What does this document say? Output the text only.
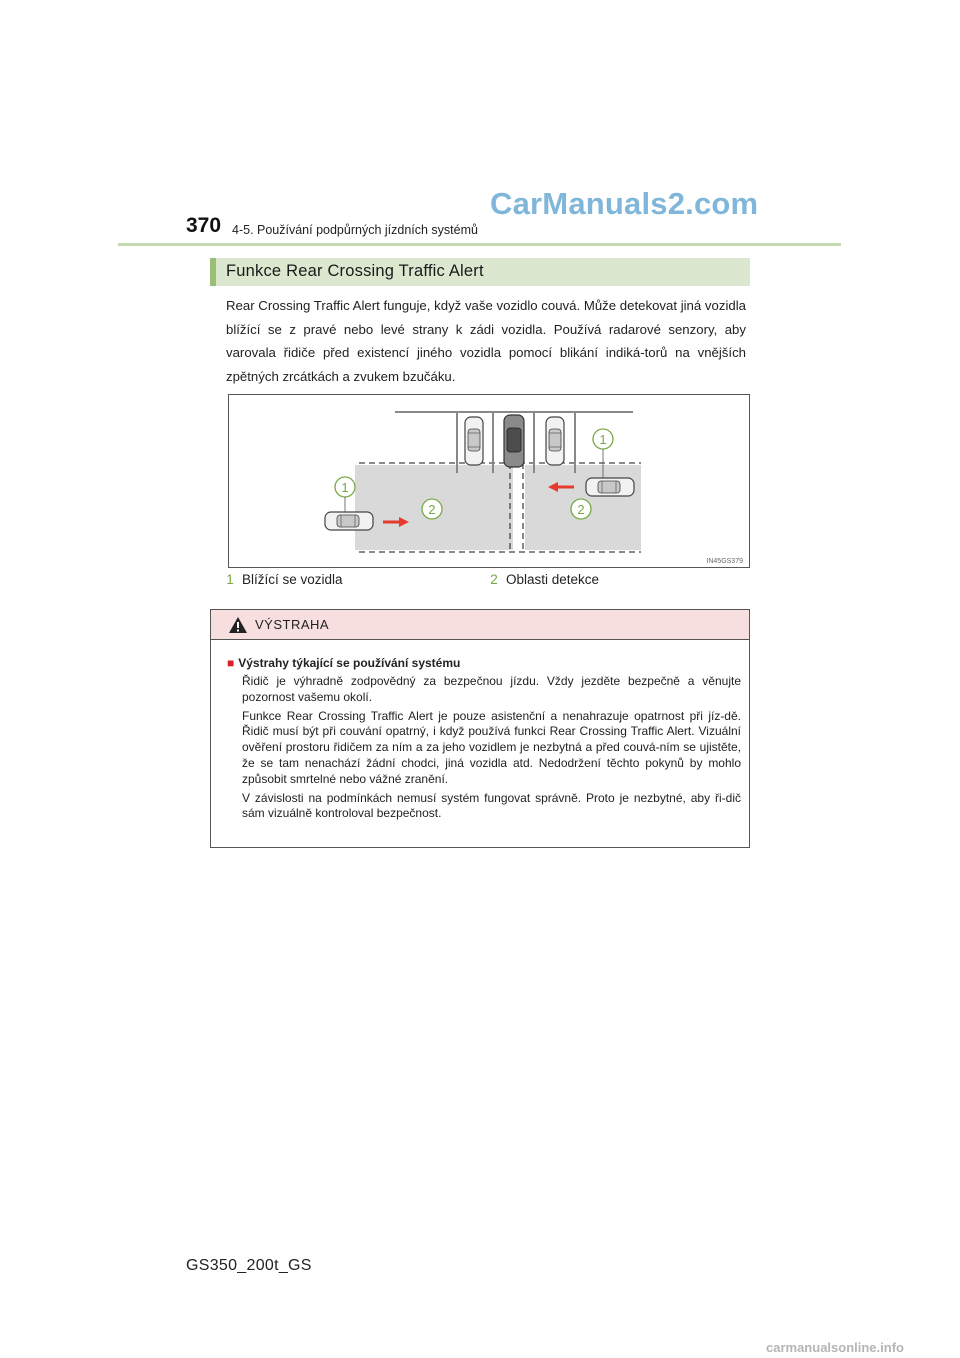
CarManuals2.com
370 4-5. Používání podpůrných jízdních systémů
Funkce Rear Crossing Traffic Alert
Rear Crossing Traffic Alert funguje, když vaše vozidlo couvá. Může detekovat jiná vozidla blížící se z pravé nebo levé strany k zádi vozidla. Používá radarové senzory, aby varovala řidiče před existencí jiného vozidla pomocí blikání indiká-torů na vnějších zpětných zrcátkách a zvukem bzučáku.
1
1
2	2
IN45GS379
1 Blížící se vozidla	2 Oblasti detekce
VÝSTRAHA
■ Výstrahy týkající se používání systému

Řidič je výhradně zodpovědný za bezpečnou jízdu. Vždy jezděte bezpečně a věnujte pozornost vašemu okolí.

Funkce Rear Crossing Traffic Alert je pouze asistenční a nenahrazuje opatrnost při jíz-dě. Řidič musí být při couvání opatrný, i když používá funkci Rear Crossing Traffic Alert. Vizuální ověření prostoru řidičem za ním a za jeho vozidlem je nezbytná a před couvá-ním se ujistěte, že se tam nenachází žádní chodci, jiná vozidla atd. Nedodržení těchto pokynů by mohlo způsobit smrtelné nebo vážné zranění.

V závislosti na podmínkách nemusí systém fungovat správně. Proto je nezbytné, aby ři-dič sám vizuálně kontroloval bezpečnost.

GS350_200t_GS
carmanualsonline.info
